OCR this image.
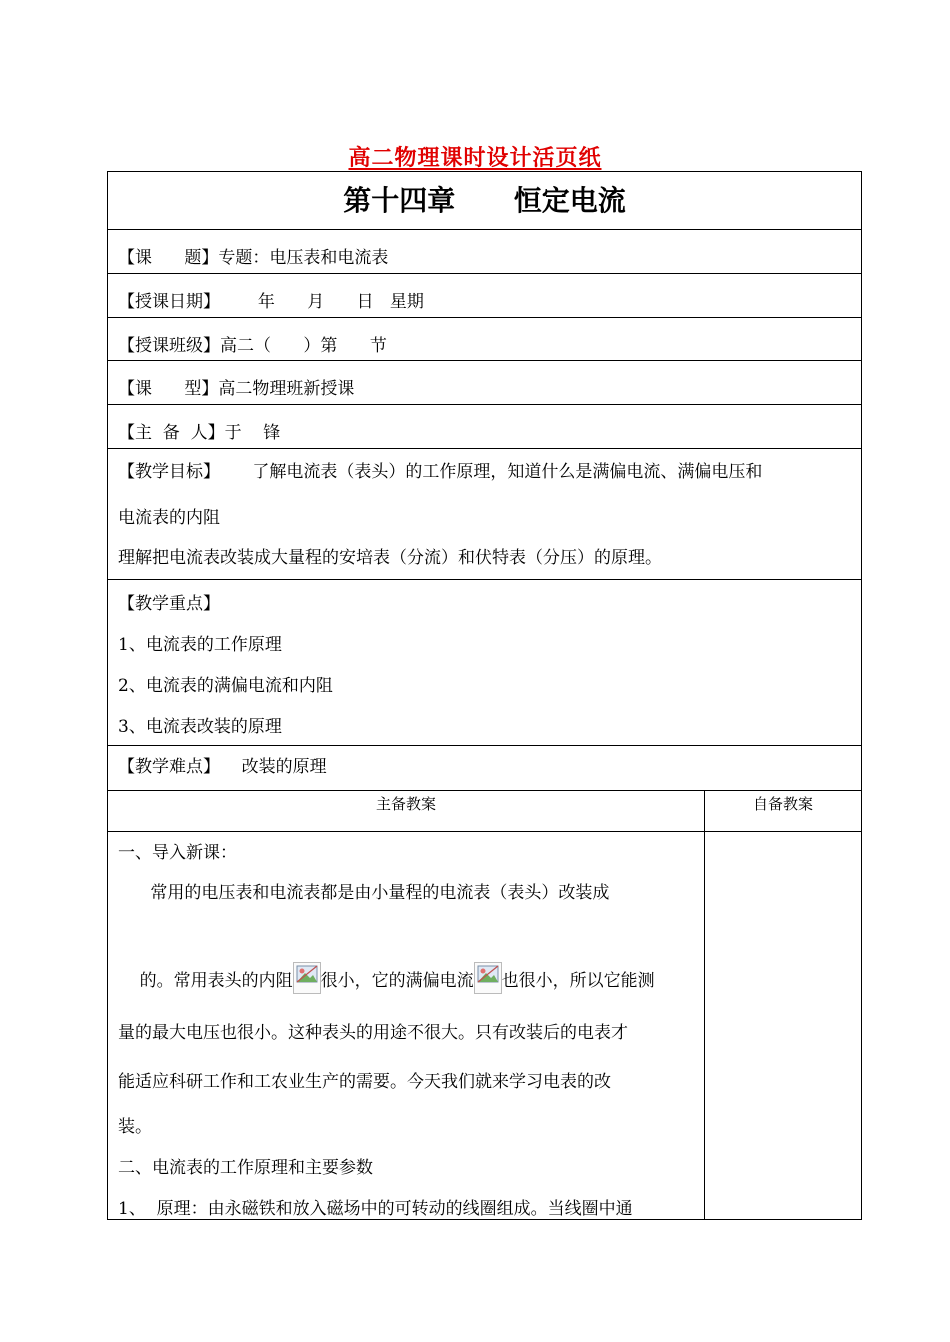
高二物理课时设计活页纸
第十四章      恒定电流

【课      题】专题：电压表和电流表

【授课日期】       年      月      日   星期

【授课班级】高二（      ）第      节

【课      型】高二物理班新授课

【主  备  人】于    锋

【教学目标】      了解电流表（表头）的工作原理，知道什么是满偏电流、满偏电压和
电流表的内阻
理解把电流表改装成大量程的安培表（分流）和伏特表（分压）的原理。
【教学重点】
1、电流表的工作原理
2、电流表的满偏电流和内阻
3、电流表改装的原理
【教学难点】    改装的原理
主备教案	自备教案
一、导入新课：
常用的电压表和电流表都是由小量程的电流表（表头）改装成

的。常用表头的内阻 很小，它的满偏电流 也很小，所以它能测

量的最大电压也很小。这种表头的用途不很大。只有改装后的电表才
能适应科研工作和工农业生产的需要。今天我们就来学习电表的改
装。
二、电流表的工作原理和主要参数
1、  原理：由永磁铁和放入磁场中的可转动的线圈组成。当线圈中通
